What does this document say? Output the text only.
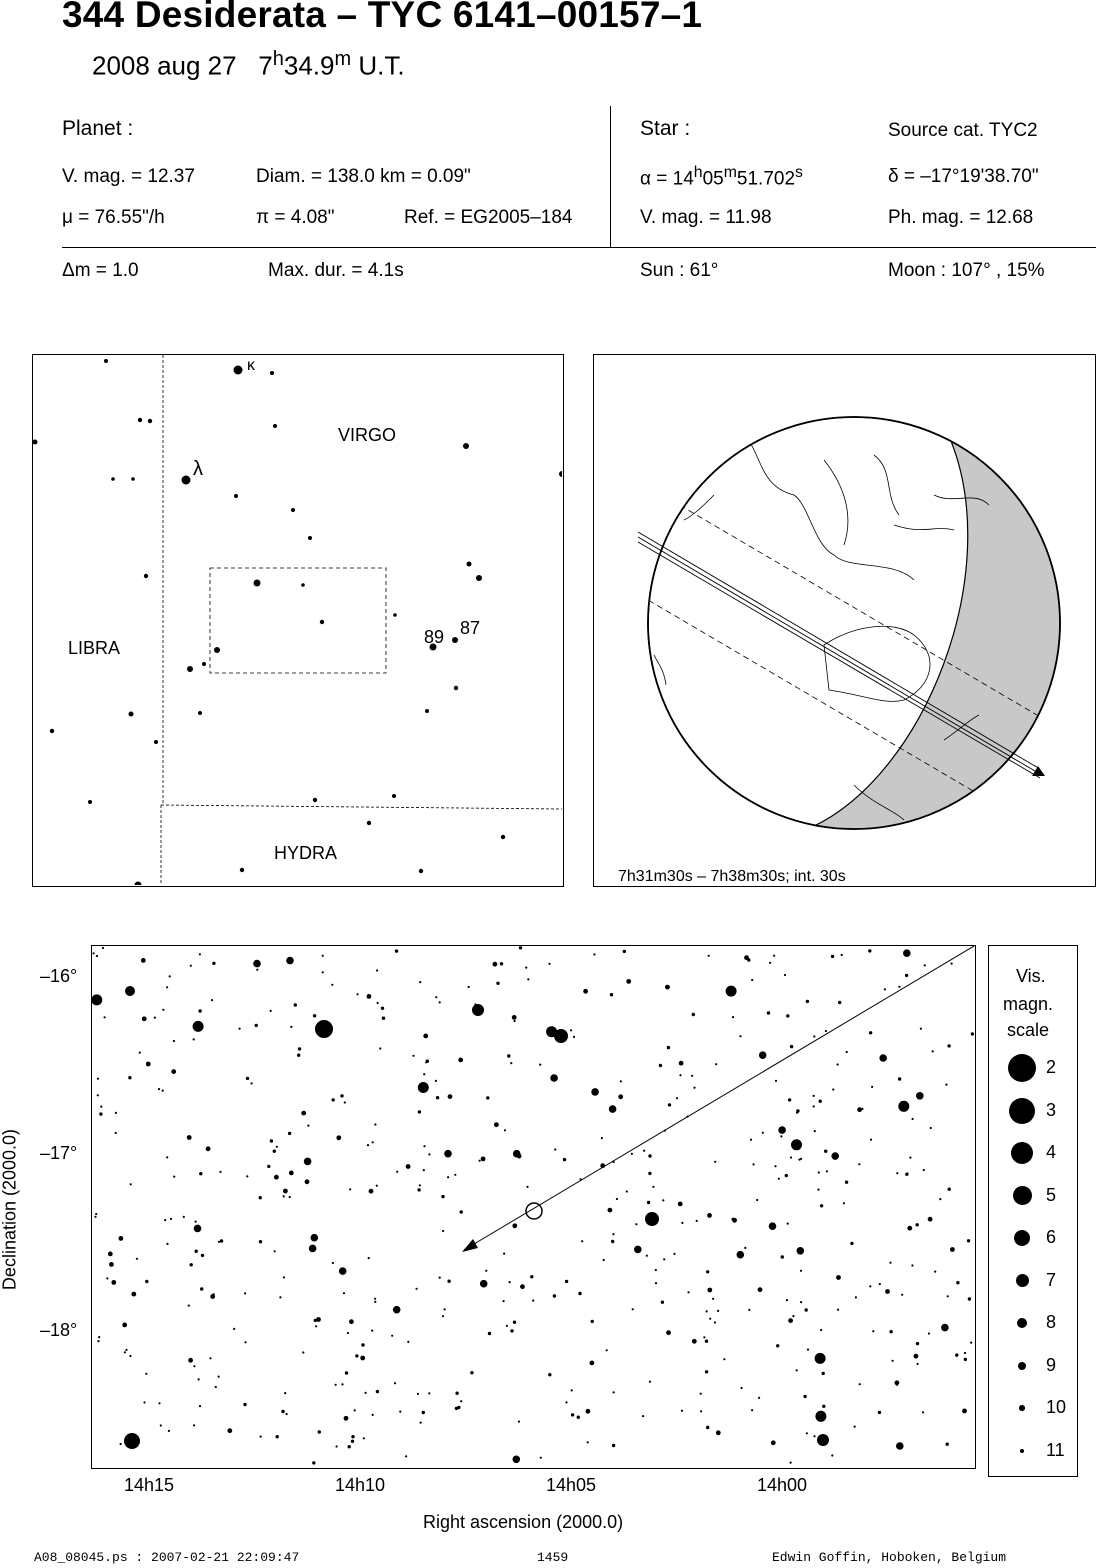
344 Desiderata – TYC 6141–00157–1
2008 aug 27 7$^h$34.9$^m$ U.T.
Planet :
V. mag. = 12.37	Diam. = 138.0 km = 0.09"
μ = 76.55"/h	π = 4.08"	Ref. = EG2005–184
Δm = 1.0	Max. dur. = 4.1s
Star :	Source cat. TYC2
$\alpha = 14^h05^m51.702^s$	δ = –17°19'38.70"
V. mag. = 11.98	Ph. mag. = 12.68
Sun : 61°	Moon : 107° , 15%
κ
λ
VIRGO
LIBRA
HYDRA
89 87
7h31m30s – 7h38m30s; int. 30s
–16°
–17°
–18°
14h15	14h10	14h05	14h00
Right ascension (2000.0)
Declination (2000.0)
Vis.
magn.
scale
2
3
4
5
6
7
8
9
10
11
A08_08045.ps : 2007-02-21 22:09:47	1459	Edwin Goffin, Hoboken, Belgium
